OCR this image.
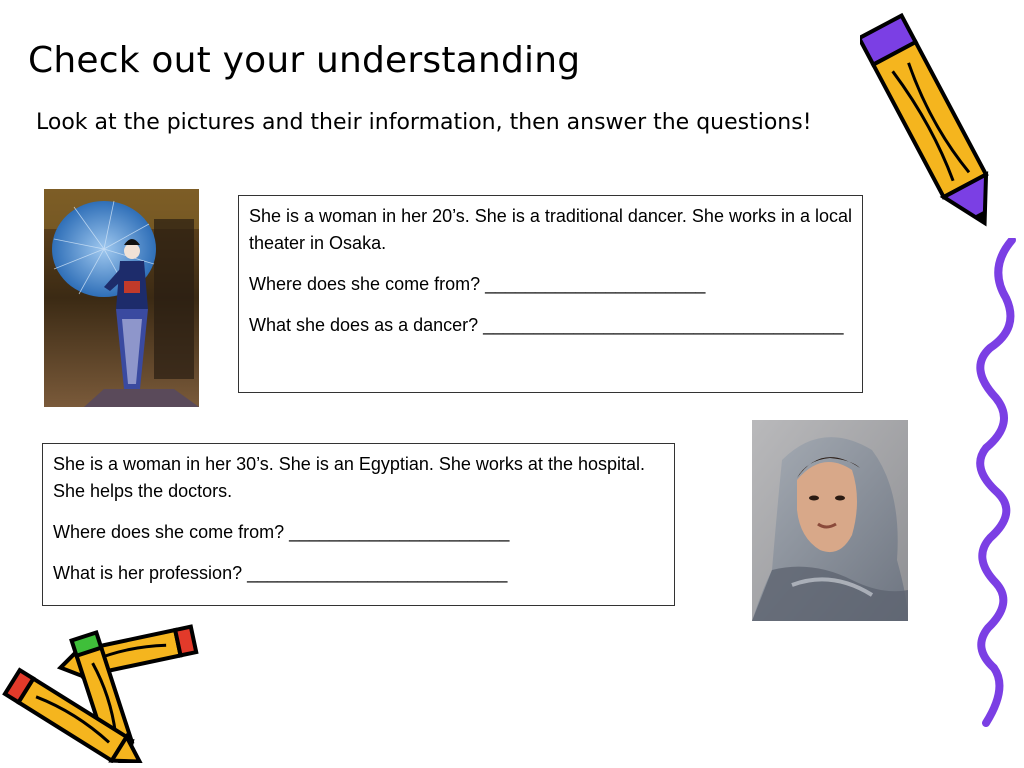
Check out your understanding
Look at the pictures and their information, then answer the questions!

She is a woman in her 20’s. She is a traditional dancer. She works in a local theater in Osaka.

Where does she come from? ______________________

What she does as a dancer? ____________________________________

She is a woman in her 30’s. She is an Egyptian. She works at the hospital. She helps the doctors.

Where does she come from? ______________________

What is her profession? __________________________
